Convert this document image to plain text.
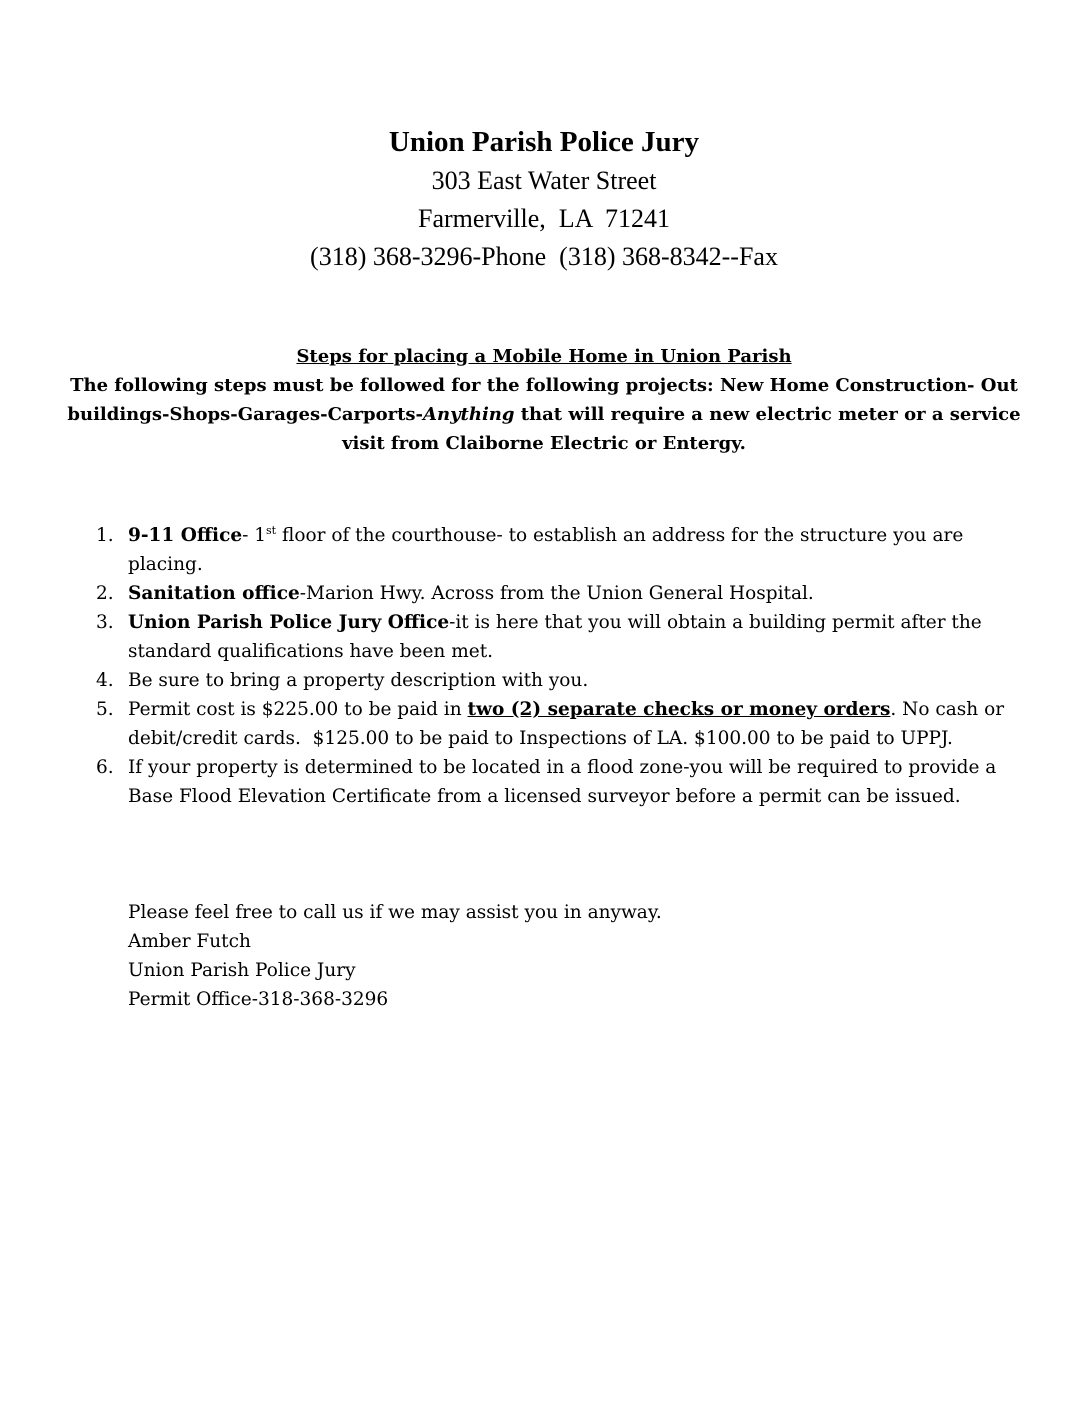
Union Parish Police Jury
303 East Water Street
Farmerville,  LA  71241
(318) 368-3296-Phone  (318) 368-8342--Fax
Steps for placing a Mobile Home in Union Parish
The following steps must be followed for the following projects: New Home Construction- Out buildings-Shops-Garages-Carports-Anything that will require a new electric meter or a service visit from Claiborne Electric or Entergy.
1. 9-11 Office- 1st floor of the courthouse- to establish an address for the structure you are placing.
2. Sanitation office-Marion Hwy. Across from the Union General Hospital.
3. Union Parish Police Jury Office-it is here that you will obtain a building permit after the standard qualifications have been met.
4. Be sure to bring a property description with you.
5. Permit cost is $225.00 to be paid in two (2) separate checks or money orders. No cash or debit/credit cards.  $125.00 to be paid to Inspections of LA. $100.00 to be paid to UPPJ.
6. If your property is determined to be located in a flood zone-you will be required to provide a Base Flood Elevation Certificate from a licensed surveyor before a permit can be issued.
Please feel free to call us if we may assist you in anyway.
Amber Futch
Union Parish Police Jury
Permit Office-318-368-3296
